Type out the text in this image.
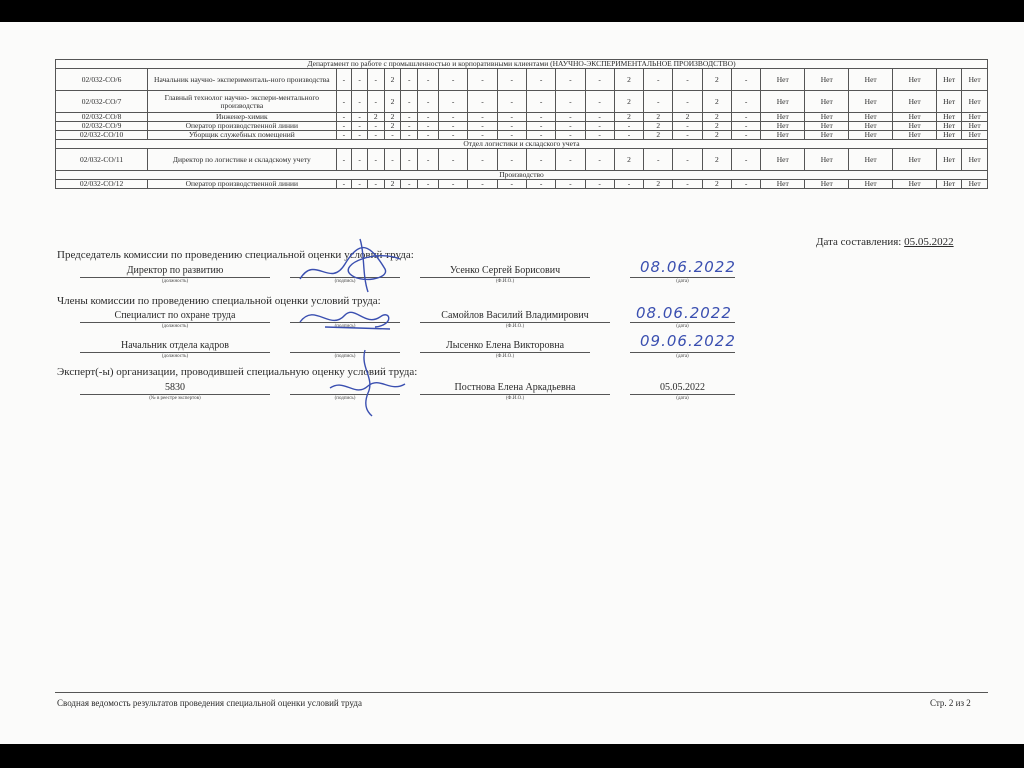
Департамент по работе с промышленностью и корпоративными клиентами (НАУЧНО-ЭКСПЕРИМЕНТАЛЬНОЕ ПРОИЗВОДСТВО)																								
02/032-СО/6	Начальник научно- эксперименталь-ного производства	-	-	-	2	-	-	-	-	-	-	-	-	2	-	-	2	-	Нет	Нет	Нет	Нет	Нет	Нет
02/032-СО/7	Главный технолог научно- экспери-ментального производства	-	-	-	2	-	-	-	-	-	-	-	-	2	-	-	2	-	Нет	Нет	Нет	Нет	Нет	Нет
02/032-СО/8	Инженер-химик	-	-	2	2	-	-	-	-	-	-	-	-	2	2	2	2	-	Нет	Нет	Нет	Нет	Нет	Нет
02/032-СО/9	Оператор производственной линии	-	-	-	2	-	-	-	-	-	-	-	-	-	2	-	2	-	Нет	Нет	Нет	Нет	Нет	Нет
02/032-СО/10	Уборщик служебных помещений	-	-	-	-	-	-	-	-	-	-	-	-	-	2	-	2	-	Нет	Нет	Нет	Нет	Нет	Нет
Отдел логистики и складского учета																								
02/032-СО/11	Директор по логистике и складскому учету	-	-	-	-	-	-	-	-	-	-	-	-	2	-	-	2	-	Нет	Нет	Нет	Нет	Нет	Нет
Производство																								
02/032-СО/12	Оператор производственной линии	-	-	-	2	-	-	-	-	-	-	-	-	-	2	-	2	-	Нет	Нет	Нет	Нет	Нет	Нет
Дата составления: 05.05.2022
Председатель комиссии по проведению специальной оценки условий труда:
Директор по развитию
(должность)	(подпись)
Усенко Сергей Борисович
(Ф.И.О.)	(дата)
08.06.2022
Члены комиссии по проведению специальной оценки условий труда:
Специалист по охране труда
(должность)	(подпись)
Самойлов Василий Владимирович
(Ф.И.О.)	(дата)
08.06.2022
Начальник отдела кадров
(должность)	(подпись)
Лысенко Елена Викторовна
(Ф.И.О.)	(дата)
09.06.2022
Эксперт(-ы) организации, проводившей специальную оценку условий труда:
5830
(№ в реестре экспертов)	(подпись)
Постнова Елена Аркадьевна
(Ф.И.О.)
05.05.2022
(дата)
Сводная ведомость результатов проведения специальной оценки условий труда	Стр. 2 из 2
